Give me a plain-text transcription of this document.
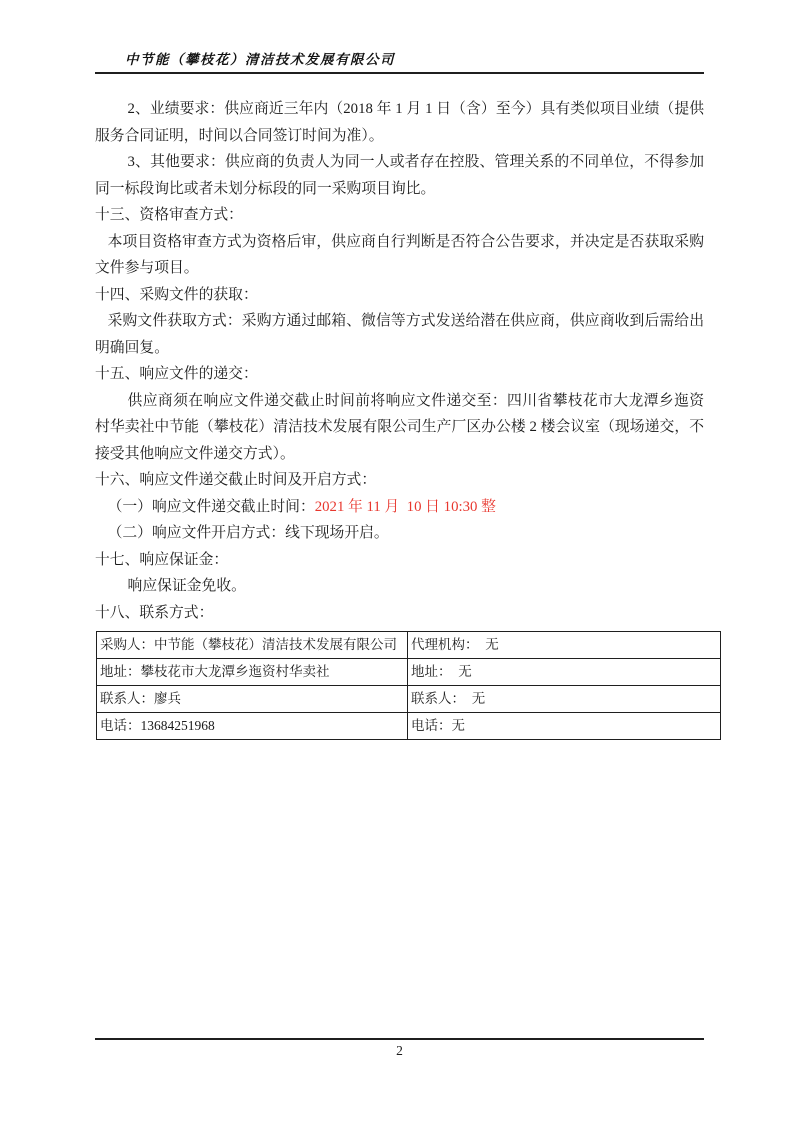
中节能（攀枝花）清洁技术发展有限公司

2、业绩要求：供应商近三年内（2018 年 1 月 1 日（含）至今）具有类似项目业绩（提供服务合同证明，时间以合同签订时间为准）。

3、其他要求：供应商的负责人为同一人或者存在控股、管理关系的不同单位，不得参加同一标段询比或者未划分标段的同一采购项目询比。

十三、资格审查方式：

本项目资格审查方式为资格后审，供应商自行判断是否符合公告要求，并决定是否获取采购文件参与项目。

十四、采购文件的获取：

采购文件获取方式：采购方通过邮箱、微信等方式发送给潜在供应商，供应商收到后需给出明确回复。

十五、响应文件的递交：

供应商须在响应文件递交截止时间前将响应文件递交至：四川省攀枝花市大龙潭乡迤资村华卖社中节能（攀枝花）清洁技术发展有限公司生产厂区办公楼 2 楼会议室（现场递交，不接受其他响应文件递交方式）。

十六、响应文件递交截止时间及开启方式：

（一）响应文件递交截止时间：2021 年 11 月  10 日 10:30 整

（二）响应文件开启方式：线下现场开启。

十七、响应保证金：

响应保证金免收。

十八、联系方式：

采购人：中节能（攀枝花）清洁技术发展有限公司	代理机构：  无
地址：攀枝花市大龙潭乡迤资村华卖社	地址：  无
联系人：廖兵	联系人：  无
电话：13684251968	电话：无
2
